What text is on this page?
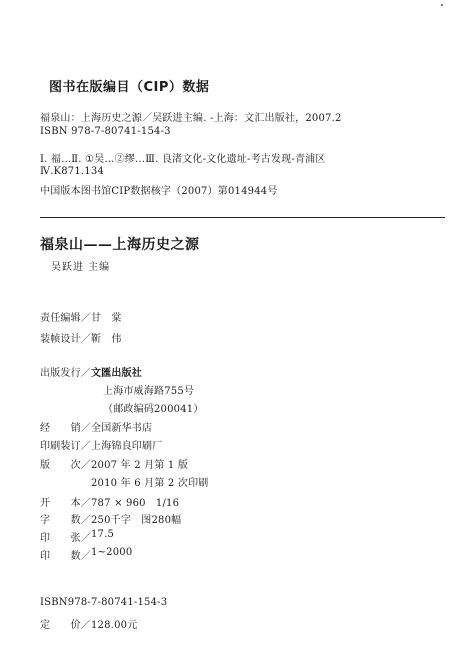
图书在版编目（CIP）数据
福泉山：上海历史之源／吴跃进主编. -上海：文汇出版社，2007.2
ISBN 978-7-80741-154-3
Ⅰ. 福…Ⅱ. ①吴…②缪…Ⅲ. 良渚文化-文化遗址-考古发现-青浦区
Ⅳ.K871.134
中国版本图书馆CIP数据核字（2007）第014944号
福泉山——上海历史之源
吴跃进 主编
责任编辑／甘　棠
装帧设计／靳　伟
出版发行／文匯出版社
上海市威海路755号
（邮政编码200041）
经　　销／ 全国新华书店
印刷装订／ 上海锦良印刷厂
版　　次／ 2007 年 2 月第 1 版
2010 年 6 月第 2 次印刷
开　　本／ 787 × 960　1/16
字　　数／ 250千字　图280幅
印　　张／ 17.5
印　　数／ 1~2000
ISBN978-7-80741-154-3
定　　价／ 128.00元
